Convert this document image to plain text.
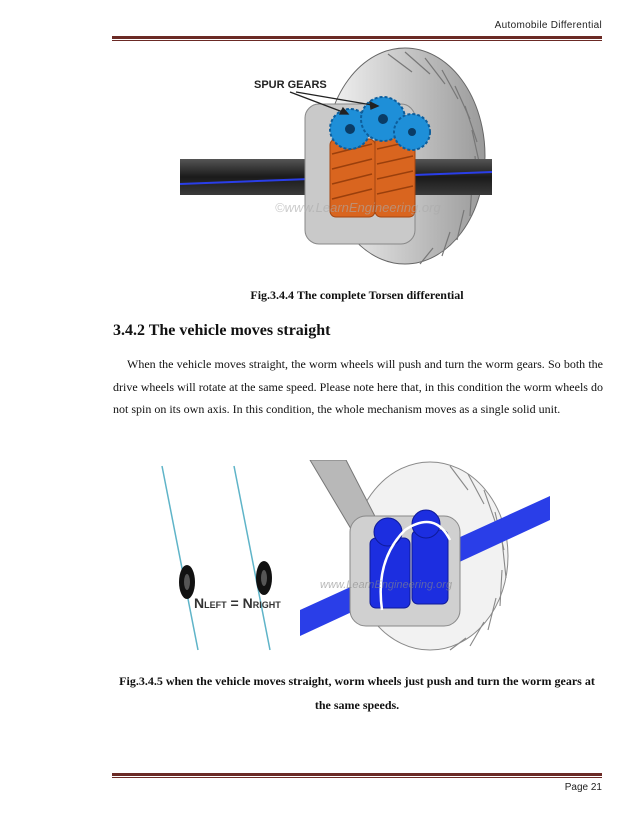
Automobile Differential
SPUR GEARS
©www.LearnEngineering.org
Fig.3.4.4 The complete Torsen differential
3.4.2 The vehicle moves straight
When the vehicle moves straight, the worm wheels will push and turn the worm gears. So both the drive wheels will rotate at the same speed. Please note here that, in this condition the worm wheels do not spin on its own axis. In this condition, the whole mechanism moves as a single solid unit.
NLEFT = NRIGHT
www.LearnEngineering.org
Fig.3.4.5 when the vehicle moves straight, worm wheels just push and turn the worm gears at the same speeds.
Page 21
